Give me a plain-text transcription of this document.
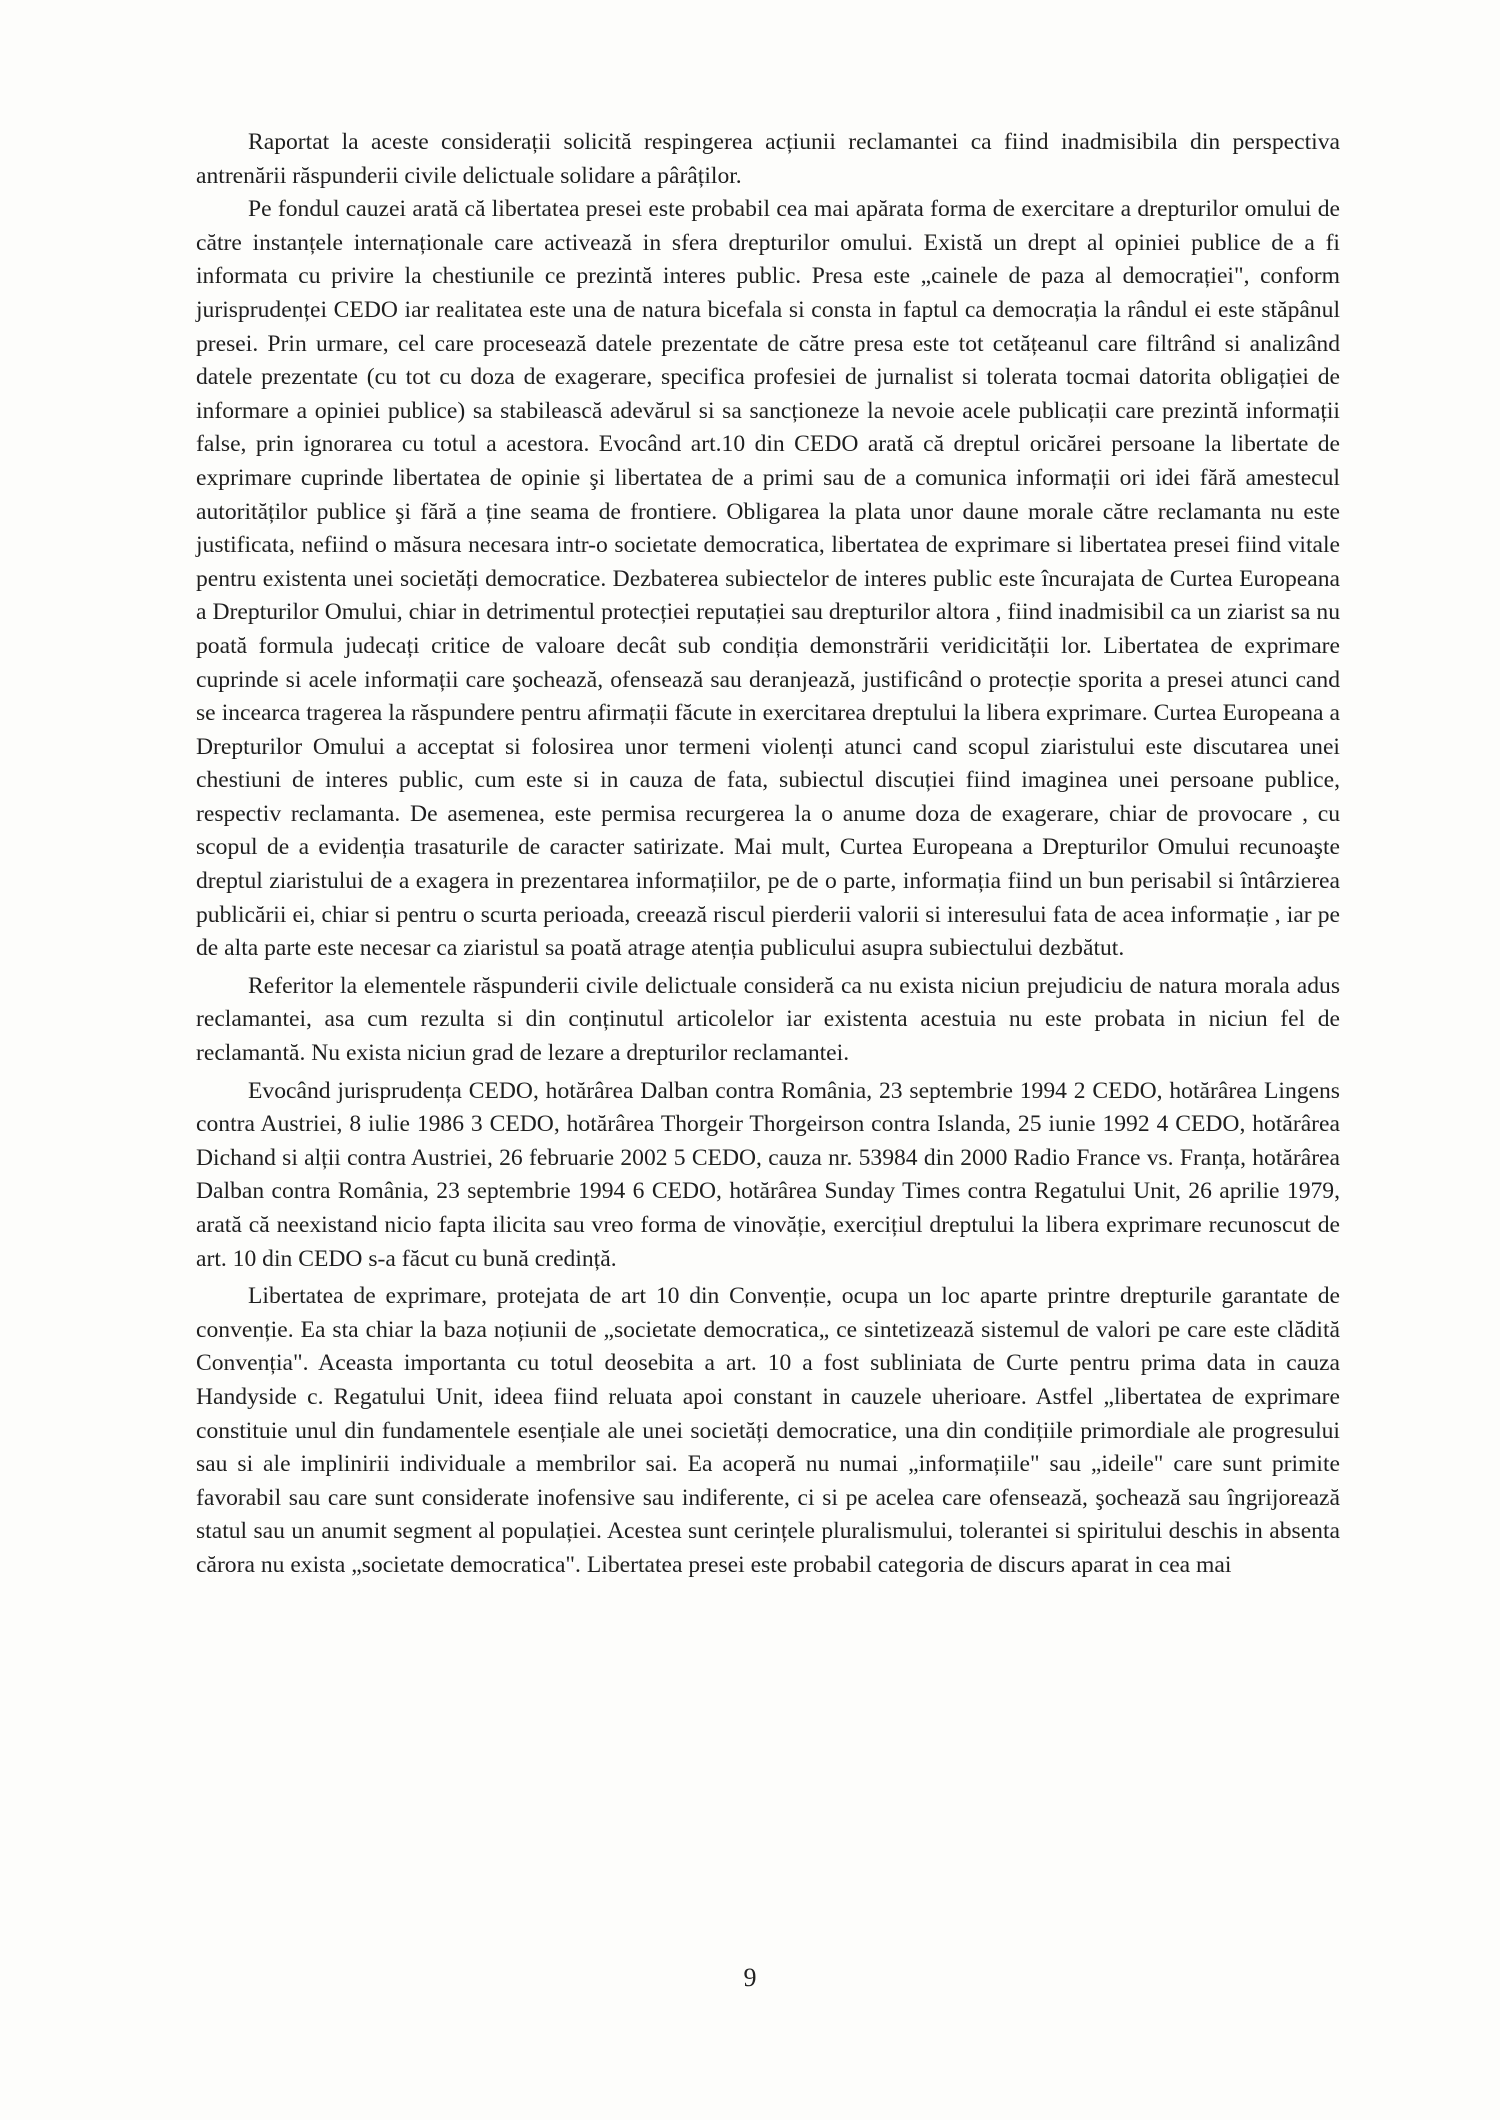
Raportat la aceste considerații solicită respingerea acțiunii reclamantei ca fiind inadmisibila din perspectiva antrenării răspunderii civile delictuale solidare a pârâților.

Pe fondul cauzei arată că libertatea presei este probabil cea mai apărata forma de exercitare a drepturilor omului de către instanțele internaționale care activează in sfera drepturilor omului. Există un drept al opiniei publice de a fi informata cu privire la chestiunile ce prezintă interes public. Presa este „cainele de paza al democrației", conform jurisprudenței CEDO iar realitatea este una de natura bicefala si consta in faptul ca democrația la rândul ei este stăpânul presei. Prin urmare, cel care procesează datele prezentate de către presa este tot cetățeanul care filtrând si analizând datele prezentate (cu tot cu doza de exagerare, specifica profesiei de jurnalist si tolerata tocmai datorita obligației de informare a opiniei publice) sa stabilească adevărul si sa sancționeze la nevoie acele publicații care prezintă informații false, prin ignorarea cu totul a acestora. Evocând art.10 din CEDO arată că dreptul oricărei persoane la libertate de exprimare cuprinde libertatea de opinie şi libertatea de a primi sau de a comunica informații ori idei fără amestecul autorităților publice şi fără a ține seama de frontiere. Obligarea la plata unor daune morale către reclamanta nu este justificata, nefiind o măsura necesara intr-o societate democratica, libertatea de exprimare si libertatea presei fiind vitale pentru existenta unei societăți democratice. Dezbaterea subiectelor de interes public este încurajata de Curtea Europeana a Drepturilor Omului, chiar in detrimentul protecției reputației sau drepturilor altora , fiind inadmisibil ca un ziarist sa nu poată formula judecați critice de valoare decât sub condiția demonstrării veridicității lor. Libertatea de exprimare cuprinde si acele informații care şochează, ofensează sau deranjează, justificând o protecție sporita a presei atunci cand se incearca tragerea la răspundere pentru afirmații făcute in exercitarea dreptului la libera exprimare. Curtea Europeana a Drepturilor Omului a acceptat si folosirea unor termeni violenți atunci cand scopul ziaristului este discutarea unei chestiuni de interes public, cum este si in cauza de fata, subiectul discuției fiind imaginea unei persoane publice, respectiv reclamanta. De asemenea, este permisa recurgerea la o anume doza de exagerare, chiar de provocare , cu scopul de a evidenția trasaturile de caracter satirizate. Mai mult, Curtea Europeana a Drepturilor Omului recunoaşte dreptul ziaristului de a exagera in prezentarea informațiilor, pe de o parte, informația fiind un bun perisabil si întârzierea publicării ei, chiar si pentru o scurta perioada, creează riscul pierderii valorii si interesului fata de acea informație , iar pe de alta parte este necesar ca ziaristul sa poată atrage atenția publicului asupra subiectului dezbătut.

Referitor la elementele răspunderii civile delictuale consideră ca nu exista niciun prejudiciu de natura morala adus reclamantei, asa cum rezulta si din conținutul articolelor iar existenta acestuia nu este probata in niciun fel de reclamantă. Nu exista niciun grad de lezare a drepturilor reclamantei.

Evocând jurisprudența CEDO, hotărârea Dalban contra România, 23 septembrie 1994 2 CEDO, hotărârea Lingens contra Austriei, 8 iulie 1986 3 CEDO, hotărârea Thorgeir Thorgeirson contra Islanda, 25 iunie 1992 4 CEDO, hotărârea Dichand si alții contra Austriei, 26 februarie 2002 5 CEDO, cauza nr. 53984 din 2000 Radio France vs. Franța, hotărârea Dalban contra România, 23 septembrie 1994 6 CEDO, hotărârea Sunday Times contra Regatului Unit, 26 aprilie 1979, arată că neexistand nicio fapta ilicita sau vreo forma de vinovăție, exercițiul dreptului la libera exprimare recunoscut de art. 10 din CEDO s-a făcut cu bună credință.

Libertatea de exprimare, protejata de art 10 din Convenție, ocupa un loc aparte printre drepturile garantate de convenție. Ea sta chiar la baza noțiunii de „societate democratica„ ce sintetizează sistemul de valori pe care este clădită Convenția". Aceasta importanta cu totul deosebita a art. 10 a fost subliniata de Curte pentru prima data in cauza Handyside c. Regatului Unit, ideea fiind reluata apoi constant in cauzele uherioare. Astfel „libertatea de exprimare constituie unul din fundamentele esențiale ale unei societăți democratice, una din condițiile primordiale ale progresului sau si ale implinirii individuale a membrilor sai. Ea acoperă nu numai „informațiile" sau „ideile" care sunt primite favorabil sau care sunt considerate inofensive sau indiferente, ci si pe acelea care ofensează, şochează sau îngrijorează statul sau un anumit segment al populației. Acestea sunt cerințele pluralismului, tolerantei si spiritului deschis in absenta cărora nu exista „societate democratica". Libertatea presei este probabil categoria de discurs aparat in cea mai

9
